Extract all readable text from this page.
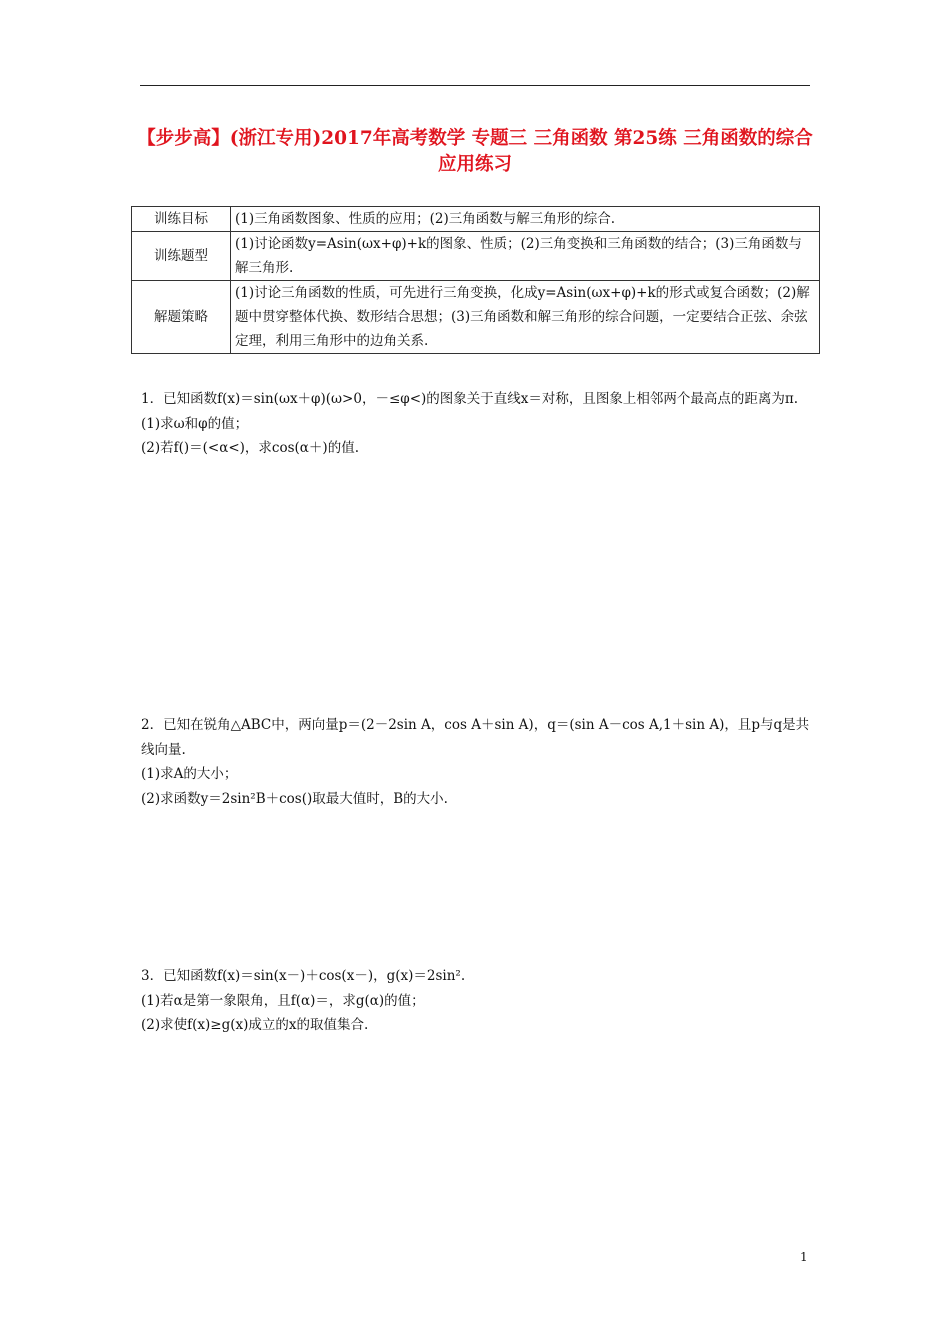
【步步高】(浙江专用)2017年高考数学 专题三 三角函数 第25练 三角函数的综合应用练习
训练目标	(1)三角函数图象、性质的应用；(2)三角函数与解三角形的综合.
训练题型	(1)讨论函数y=Asin(ωx+φ)+k的图象、性质；(2)三角变换和三角函数的结合；(3)三角函数与解三角形.
解题策略	(1)讨论三角函数的性质，可先进行三角变换，化成y=Asin(ωx+φ)+k的形式或复合函数；(2)解题中贯穿整体代换、数形结合思想；(3)三角函数和解三角形的综合问题，一定要结合正弦、余弦定理，利用三角形中的边角关系.

1．已知函数f(x)＝sin(ωx＋φ)(ω>0，－≤φ<)的图象关于直线x＝对称，且图象上相邻两个最高点的距离为π.

(1)求ω和φ的值；

(2)若f()＝(<α<)，求cos(α＋)的值.

2．已知在锐角△ABC中，两向量p＝(2－2sin A，cos A＋sin A)，q＝(sin A－cos A,1＋sin A)，且p与q是共线向量.

(1)求A的大小；

(2)求函数y＝2sin²B＋cos()取最大值时，B的大小.

3．已知函数f(x)＝sin(x－)＋cos(x－)，g(x)＝2sin².

(1)若α是第一象限角，且f(α)＝，求g(α)的值；

(2)求使f(x)≥g(x)成立的x的取值集合.

1
